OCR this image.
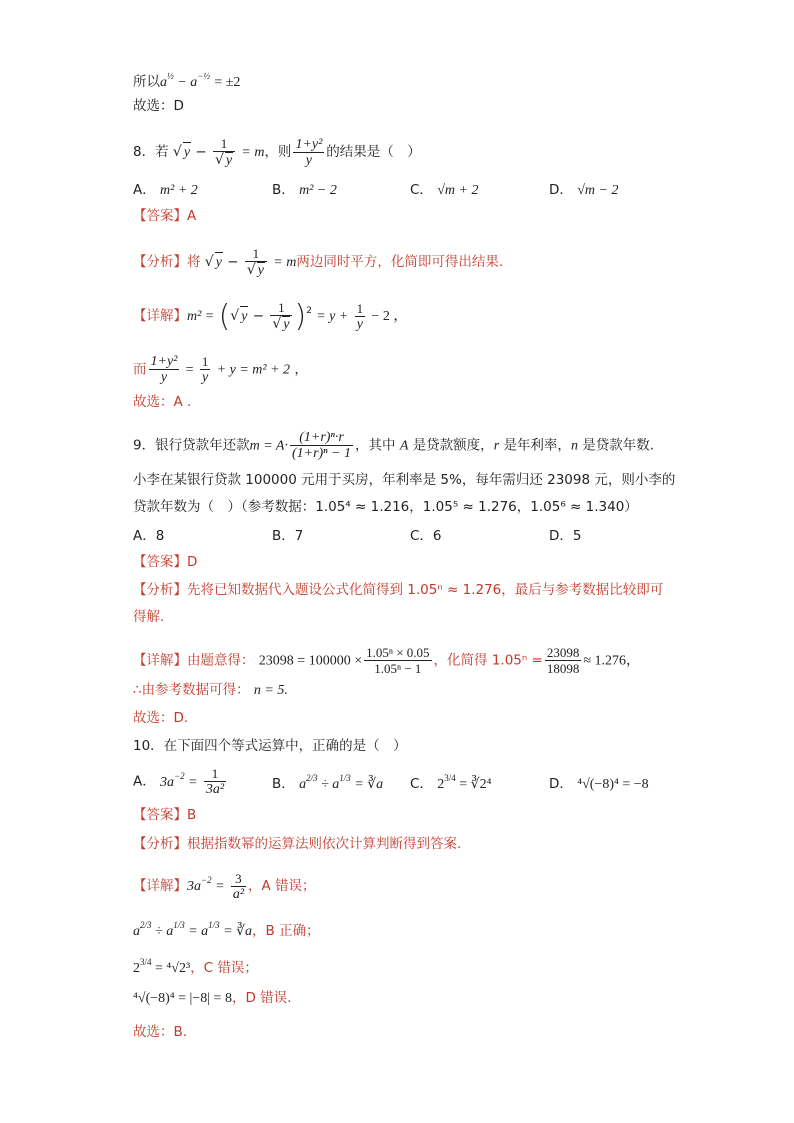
所以$a^{\frac{1}{2}} - a^{-\frac{1}{2}} = \pm 2$
故选：D
8．若 √ $y - \frac{1}{√ y} = m$，则 $\frac{\text{1+y²}}{y}$ 的结果是（　）
A． m² + 2	B． m² − 2	C． √m + 2	D． √m − 2
【答案】A
【分析】将 √ $y - \frac{1}{√ y} = m$两边同时平方，化简即可得出结果.
【详解】m² = (√ $y - \frac{1}{√ y} )^2 = y + \frac{1}{y} - 2$ ，
而 $\frac{\text{1+y²}}{y} = \frac{1}{y} + y = m^2 + 2$ ，
故选：A .
9．银行贷款年还款$m = A\cdot \frac{\text{(1+r)ⁿ·r}}{\text{(1+r)ⁿ − 1}}$ ，其中 A 是贷款额度，r 是年利率，n 是贷款年数.
小李在某银行贷款 100000 元用于买房，年利率是 5%，每年需归还 23098 元，则小李的
贷款年数为（　）（参考数据：1.05⁴ ≈ 1.216，1.05⁵ ≈ 1.276，1.05⁶ ≈ 1.340）
A．8	B．7	C．6	D．5
【答案】D
【分析】先将已知数据代入题设公式化简得到 1.05ⁿ ≈ 1.276，最后与参考数据比较即可
得解.
【详解】由题意得： $23098 = 100000 \times \frac{\text{1.05ⁿ × 0.05}}{\text{1.05ⁿ − 1}}$ ，化简得 $1.05^n = \frac{23098}{18098} \approx 1.276$，
∴由参考数据可得： n = 5.
故选：D.
10．在下面四个等式运算中，正确的是（　）
A． $3a^{-2} = \frac{1}{\text{3a²}}$	B． $a^{2/3} \div a^{1/3}$ = ∛a C． $2^{3/4}$ = ∛2⁴	D． ⁴√(−8)⁴ = −8
【答案】B
【分析】根据指数幂的运算法则依次计算判断得到答案.
【详解】$3a^{-2} = \frac{3}{\text{a²}}$ ，A 错误；
$a^{2/3} \div a^{1/3} = a^{1/3}$ = ∛a，B 正确；
$2^{3/4} = ^4√2^3$，C 错误；
⁴√(−8)⁴ = |−8| = 8，D 错误.
故选：B.
